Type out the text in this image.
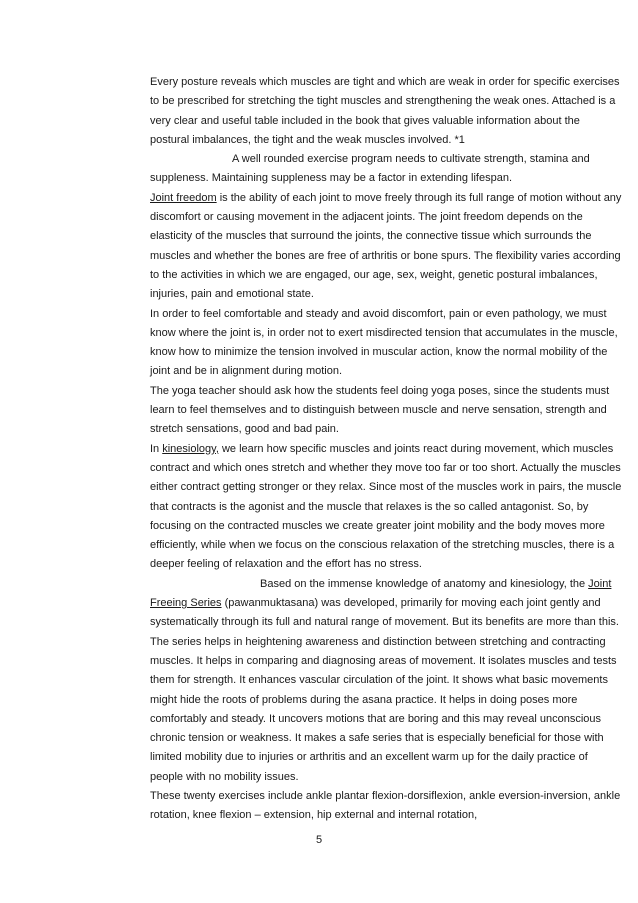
Every posture reveals which muscles are tight and which are weak in order for specific exercises to be prescribed for stretching the tight muscles and strengthening the weak ones. Attached is a very clear and useful table included in the book that gives valuable information about the postural imbalances, the tight and the weak muscles involved. *1

A well rounded exercise program needs to cultivate strength, stamina and suppleness. Maintaining suppleness may be a factor in extending lifespan.

Joint freedom is the ability of each joint to move freely through its full range of motion without any discomfort or causing movement in the adjacent joints. The joint freedom depends on the elasticity of the muscles that surround the joints, the connective tissue which surrounds the muscles and whether the bones are free of arthritis or bone spurs. The flexibility varies according to the activities in which we are engaged, our age, sex, weight, genetic postural imbalances, injuries, pain and emotional state.

In order to feel comfortable and steady and avoid discomfort, pain or even pathology, we must know where the joint is, in order not to exert misdirected tension that accumulates in the muscle, know how to minimize the tension involved in muscular action, know the normal mobility of the joint and be in alignment during motion.

The yoga teacher should ask how the students feel doing yoga poses, since the students must learn to feel themselves and to distinguish between muscle and nerve sensation, strength and stretch sensations, good and bad pain.

In kinesiology, we learn how specific muscles and joints react during movement, which muscles contract and which ones stretch and whether they move too far or too short. Actually the muscles either contract getting stronger or they relax. Since most of the muscles work in pairs, the muscle that contracts is the agonist and the muscle that relaxes is the so called antagonist. So, by focusing on the contracted muscles we create greater joint mobility and the body moves more efficiently, while when we focus on the conscious relaxation of the stretching muscles, there is a deeper feeling of relaxation and the effort has no stress.

Based on the immense knowledge of anatomy and kinesiology, the Joint Freeing Series (pawanmuktasana) was developed, primarily for moving each joint gently and systematically through its full and natural range of movement. But its benefits are more than this. The series helps in heightening awareness and distinction between stretching and contracting muscles. It helps in comparing and diagnosing areas of movement. It isolates muscles and tests them for strength. It enhances vascular circulation of the joint. It shows what basic movements might hide the roots of problems during the asana practice. It helps in doing poses more comfortably and steady. It uncovers motions that are boring and this may reveal unconscious chronic tension or weakness. It makes a safe series that is especially beneficial for those with limited mobility due to injuries or arthritis and an excellent warm up for the daily practice of people with no mobility issues.

These twenty exercises include ankle plantar flexion-dorsiflexion, ankle eversion-inversion, ankle rotation, knee flexion – extension, hip external and internal rotation,

5
